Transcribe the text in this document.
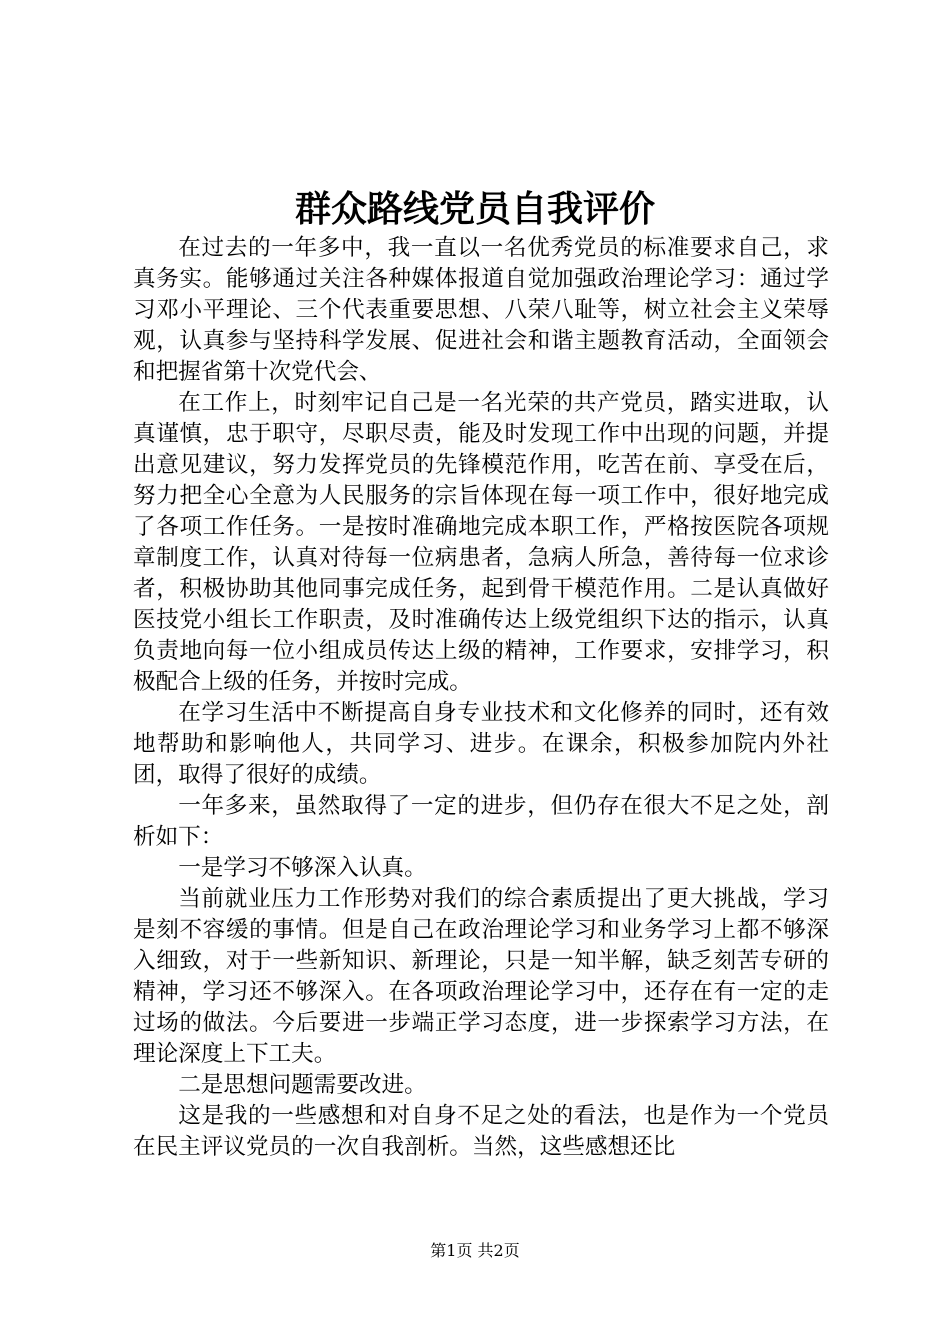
群众路线党员自我评价

在过去的一年多中，我一直以一名优秀党员的标准要求自己，求真务实。能够通过关注各种媒体报道自觉加强政治理论学习：通过学习邓小平理论、三个代表重要思想、八荣八耻等，树立社会主义荣辱观，认真参与坚持科学发展、促进社会和谐主题教育活动，全面领会和把握省第十次党代会、

在工作上，时刻牢记自己是一名光荣的共产党员，踏实进取，认真谨慎，忠于职守，尽职尽责，能及时发现工作中出现的问题，并提出意见建议，努力发挥党员的先锋模范作用，吃苦在前、享受在后，努力把全心全意为人民服务的宗旨体现在每一项工作中，很好地完成了各项工作任务。一是按时准确地完成本职工作，严格按医院各项规章制度工作，认真对待每一位病患者，急病人所急，善待每一位求诊者，积极协助其他同事完成任务，起到骨干模范作用。二是认真做好医技党小组长工作职责，及时准确传达上级党组织下达的指示，认真负责地向每一位小组成员传达上级的精神，工作要求，安排学习，积极配合上级的任务，并按时完成。

在学习生活中不断提高自身专业技术和文化修养的同时，还有效地帮助和影响他人，共同学习、进步。在课余，积极参加院内外社团，取得了很好的成绩。

一年多来，虽然取得了一定的进步，但仍存在很大不足之处，剖析如下：

一是学习不够深入认真。

当前就业压力工作形势对我们的综合素质提出了更大挑战，学习是刻不容缓的事情。但是自己在政治理论学习和业务学习上都不够深入细致，对于一些新知识、新理论，只是一知半解，缺乏刻苦专研的精神，学习还不够深入。在各项政治理论学习中，还存在有一定的走过场的做法。今后要进一步端正学习态度，进一步探索学习方法，在理论深度上下工夫。

二是思想问题需要改进。

这是我的一些感想和对自身不足之处的看法，也是作为一个党员在民主评议党员的一次自我剖析。当然，这些感想还比

第1页 共2页
